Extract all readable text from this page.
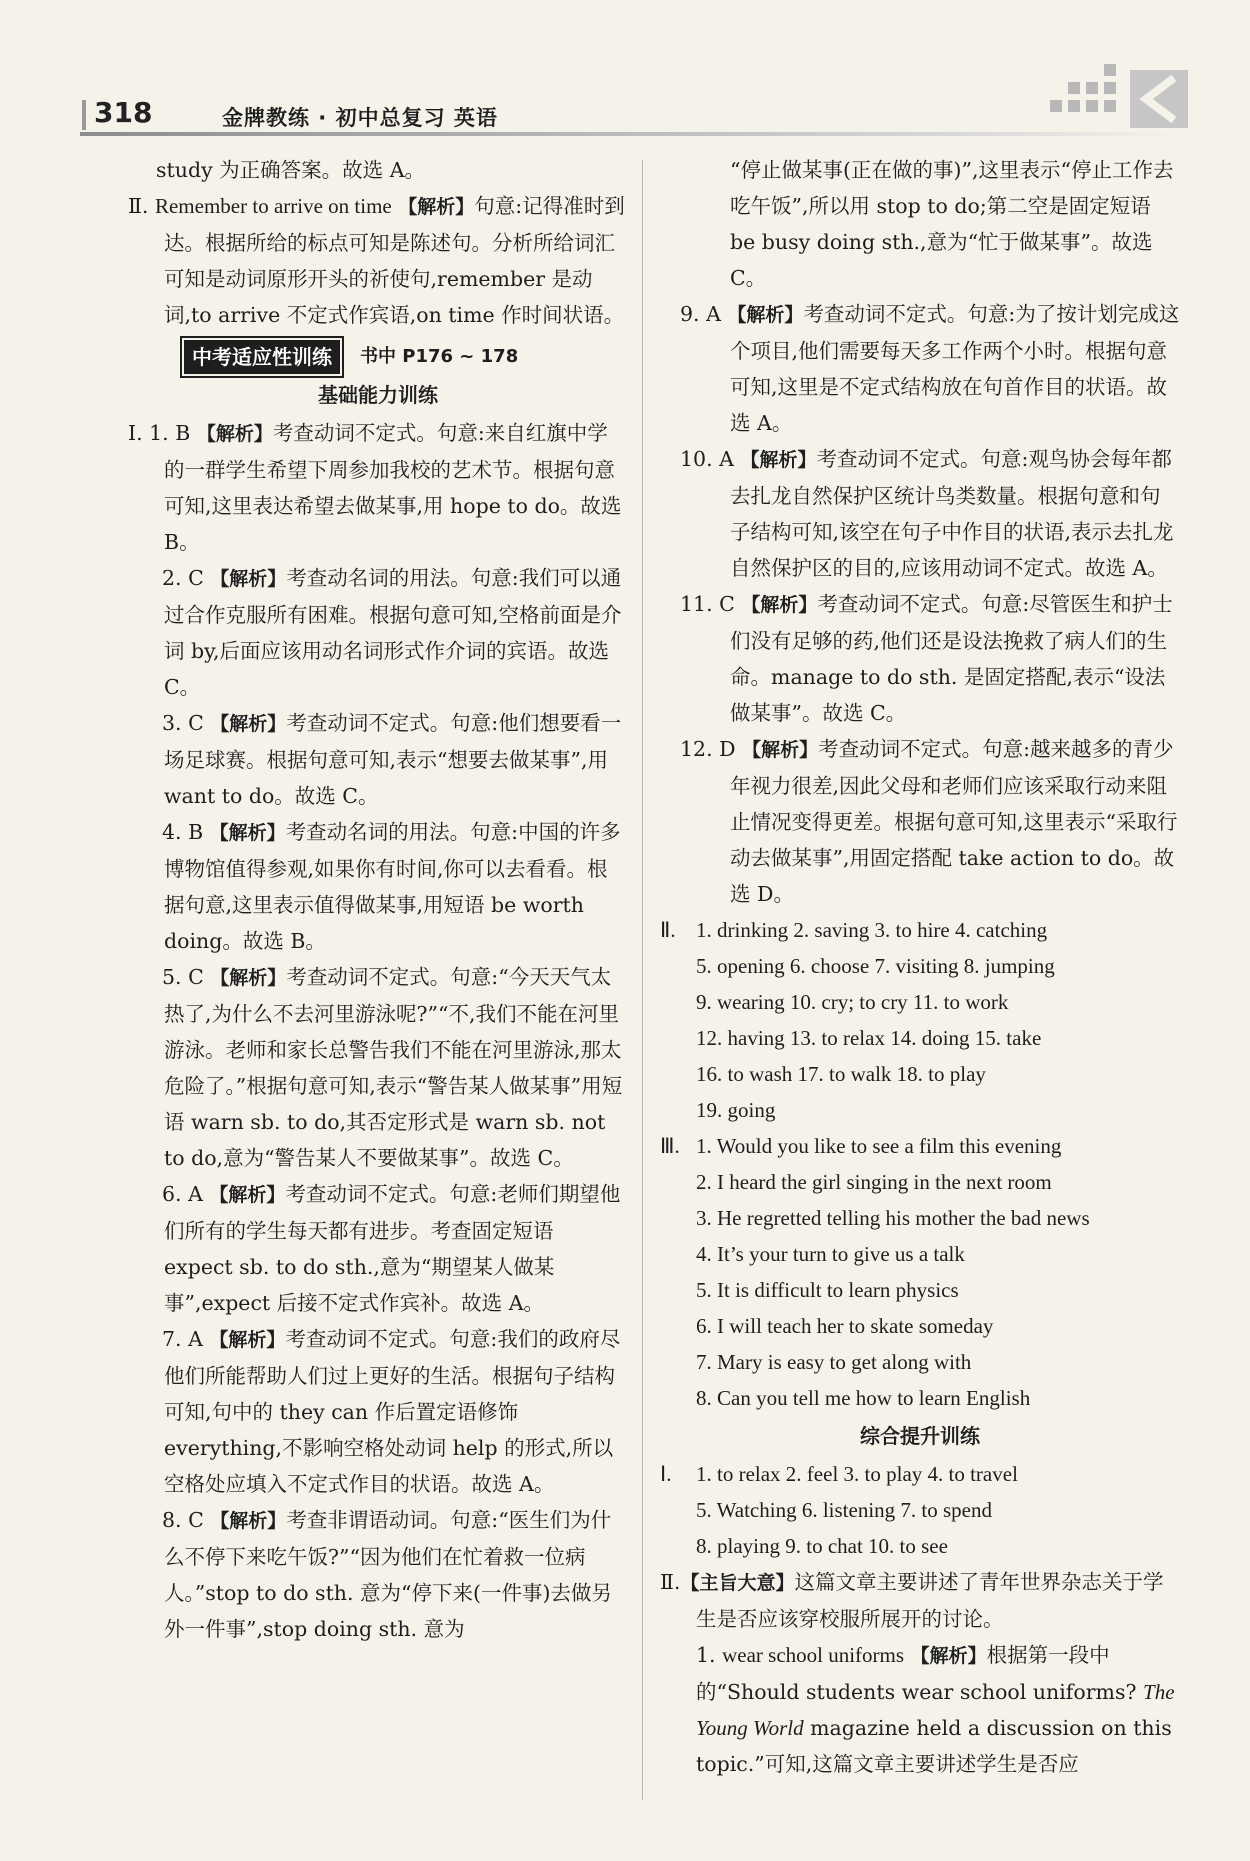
318	金牌教练 · 初中总复习 英语
study 为正确答案。故选 A。
Ⅱ. Remember to arrive on time 【解析】句意:记得准时到达。根据所给的标点可知是陈述句。分析所给词汇可知是动词原形开头的祈使句,remember 是动词,to arrive 不定式作宾语,on time 作时间状语。
中考适应性训练	书中 P176 ~ 178
基础能力训练
Ⅰ. 1. B 【解析】考查动词不定式。句意:来自红旗中学的一群学生希望下周参加我校的艺术节。根据句意可知,这里表达希望去做某事,用 hope to do。故选 B。
2. C 【解析】考查动名词的用法。句意:我们可以通过合作克服所有困难。根据句意可知,空格前面是介词 by,后面应该用动名词形式作介词的宾语。故选 C。
3. C 【解析】考查动词不定式。句意:他们想要看一场足球赛。根据句意可知,表示“想要去做某事”,用 want to do。故选 C。
4. B 【解析】考查动名词的用法。句意:中国的许多博物馆值得参观,如果你有时间,你可以去看看。根据句意,这里表示值得做某事,用短语 be worth doing。故选 B。
5. C 【解析】考查动词不定式。句意:“今天天气太热了,为什么不去河里游泳呢?”“不,我们不能在河里游泳。老师和家长总警告我们不能在河里游泳,那太危险了。”根据句意可知,表示“警告某人做某事”用短语 warn sb. to do,其否定形式是 warn sb. not to do,意为“警告某人不要做某事”。故选 C。
6. A 【解析】考查动词不定式。句意:老师们期望他们所有的学生每天都有进步。考查固定短语 expect sb. to do sth.,意为“期望某人做某事”,expect 后接不定式作宾补。故选 A。
7. A 【解析】考查动词不定式。句意:我们的政府尽他们所能帮助人们过上更好的生活。根据句子结构可知,句中的 they can 作后置定语修饰 everything,不影响空格处动词 help 的形式,所以空格处应填入不定式作目的状语。故选 A。
8. C 【解析】考查非谓语动词。句意:“医生们为什么不停下来吃午饭?”“因为他们在忙着救一位病人。”stop to do sth. 意为“停下来(一件事)去做另外一件事”,stop doing sth. 意为
“停止做某事(正在做的事)”,这里表示“停止工作去吃午饭”,所以用 stop to do;第二空是固定短语 be busy doing sth.,意为“忙于做某事”。故选 C。
9. A 【解析】考查动词不定式。句意:为了按计划完成这个项目,他们需要每天多工作两个小时。根据句意可知,这里是不定式结构放在句首作目的状语。故选 A。
10. A 【解析】考查动词不定式。句意:观鸟协会每年都去扎龙自然保护区统计鸟类数量。根据句意和句子结构可知,该空在句子中作目的状语,表示去扎龙自然保护区的目的,应该用动词不定式。故选 A。
11. C 【解析】考查动词不定式。句意:尽管医生和护士们没有足够的药,他们还是设法挽救了病人们的生命。manage to do sth. 是固定搭配,表示“设法做某事”。故选 C。
12. D 【解析】考查动词不定式。句意:越来越多的青少年视力很差,因此父母和老师们应该采取行动来阻止情况变得更差。根据句意可知,这里表示“采取行动去做某事”,用固定搭配 take action to do。故选 D。
Ⅱ. 1. drinking 2. saving 3. to hire 4. catching
5. opening 6. choose 7. visiting 8. jumping
9. wearing 10. cry; to cry 11. to work
12. having 13. to relax 14. doing 15. take
16. to wash 17. to walk 18. to play
19. going
Ⅲ. 1. Would you like to see a film this evening
2. I heard the girl singing in the next room
3. He regretted telling his mother the bad news
4. It’s your turn to give us a talk
5. It is difficult to learn physics
6. I will teach her to skate someday
7. Mary is easy to get along with
8. Can you tell me how to learn English
综合提升训练
Ⅰ. 1. to relax 2. feel 3. to play 4. to travel
5. Watching 6. listening 7. to spend
8. playing 9. to chat 10. to see
Ⅱ.【主旨大意】这篇文章主要讲述了青年世界杂志关于学生是否应该穿校服所展开的讨论。
1. wear school uniforms 【解析】根据第一段中的“Should students wear school uniforms? The Young World magazine held a discussion on this topic.”可知,这篇文章主要讲述学生是否应
